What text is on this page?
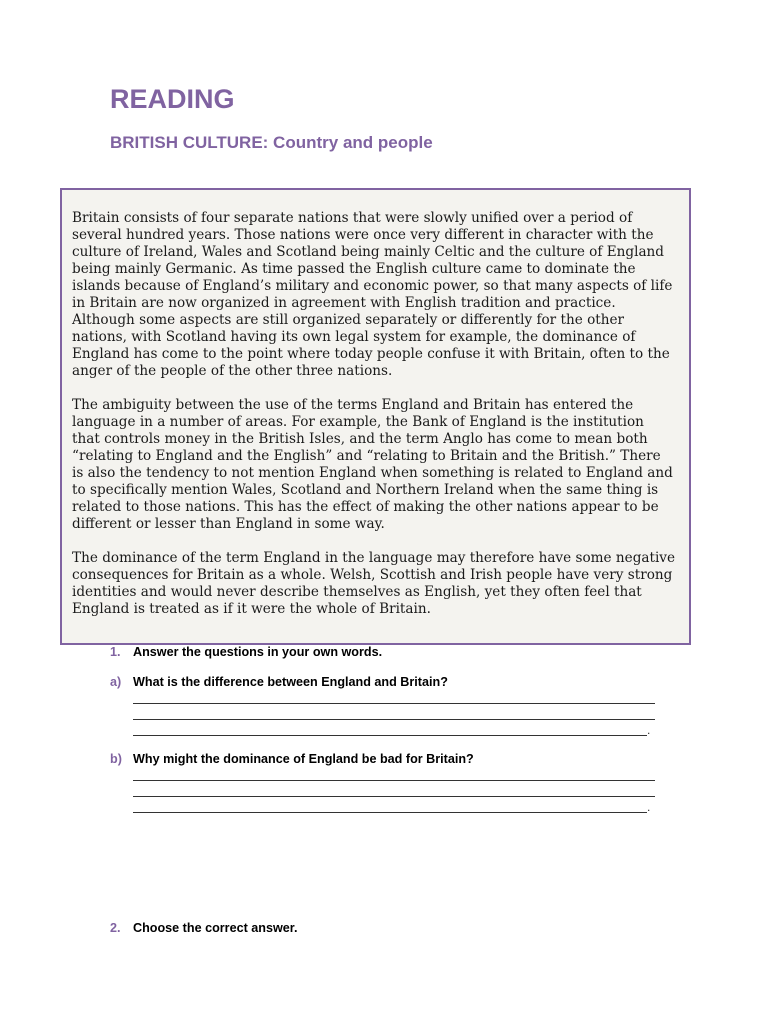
READING
BRITISH CULTURE: Country and people

Britain consists of four separate nations that were slowly unified over a period of several hundred years. Those nations were once very different in character with the culture of Ireland, Wales and Scotland being mainly Celtic and the culture of England being mainly Germanic. As time passed the English culture came to dominate the islands because of England’s military and economic power, so that many aspects of life in Britain are now organized in agreement with English tradition and practice. Although some aspects are still organized separately or differently for the other nations, with Scotland having its own legal system for example, the dominance of England has come to the point where today people confuse it with Britain, often to the anger of the people of the other three nations.

The ambiguity between the use of the terms England and Britain has entered the language in a number of areas. For example, the Bank of England is the institution that controls money in the British Isles, and the term Anglo has come to mean both “relating to England and the English” and “relating to Britain and the British.” There is also the tendency to not mention England when something is related to England and to specifically mention Wales, Scotland and Northern Ireland when the same thing is related to those nations. This has the effect of making the other nations appear to be different or lesser than England in some way.

The dominance of the term England in the language may therefore have some negative consequences for Britain as a whole. Welsh, Scottish and Irish people have very strong identities and would never describe themselves as English, yet they often feel that England is treated as if it were the whole of Britain.

1. Answer the questions in your own words.
a) What is the difference between England and Britain?
.
b) Why might the dominance of England be bad for Britain?
.
2. Choose the correct answer.
